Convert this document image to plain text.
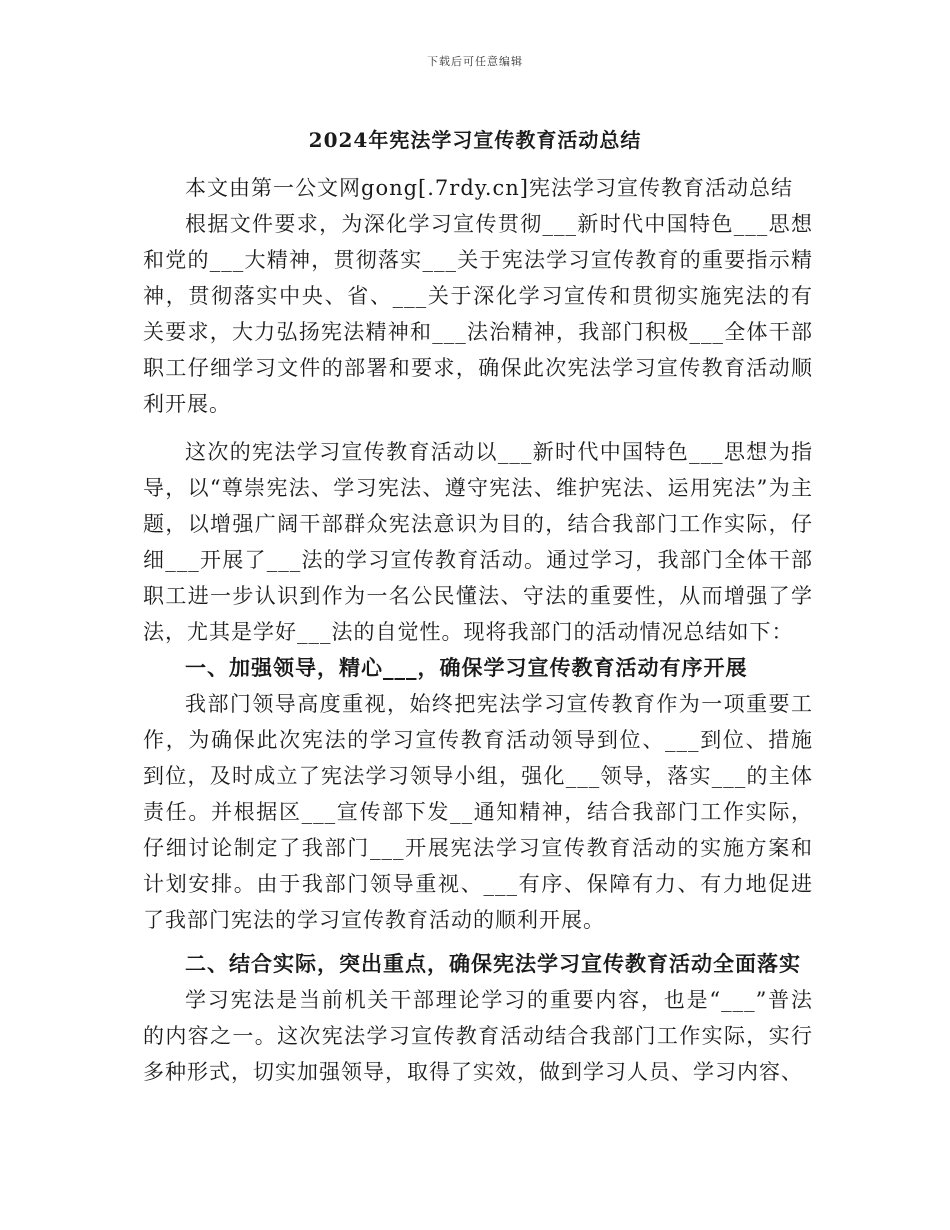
下载后可任意编辑
2024年宪法学习宣传教育活动总结

本文由第一公文网gong[.7rdy.cn]宪法学习宣传教育活动总结

根据文件要求，为深化学习宣传贯彻___新时代中国特色___思想和党的___大精神，贯彻落实___关于宪法学习宣传教育的重要指示精神，贯彻落实中央、省、___关于深化学习宣传和贯彻实施宪法的有关要求，大力弘扬宪法精神和___法治精神，我部门积极___全体干部职工仔细学习文件的部署和要求，确保此次宪法学习宣传教育活动顺利开展。

这次的宪法学习宣传教育活动以___新时代中国特色___思想为指导，以“尊崇宪法、学习宪法、遵守宪法、维护宪法、运用宪法”为主题，以增强广阔干部群众宪法意识为目的，结合我部门工作实际，仔细___开展了___法的学习宣传教育活动。通过学习，我部门全体干部职工进一步认识到作为一名公民懂法、守法的重要性，从而增强了学法，尤其是学好___法的自觉性。现将我部门的活动情况总结如下：

一、加强领导，精心___，确保学习宣传教育活动有序开展

我部门领导高度重视，始终把宪法学习宣传教育作为一项重要工作，为确保此次宪法的学习宣传教育活动领导到位、___到位、措施到位，及时成立了宪法学习领导小组，强化___领导，落实___的主体责任。并根据区___宣传部下发__通知精神，结合我部门工作实际，仔细讨论制定了我部门___开展宪法学习宣传教育活动的实施方案和计划安排。由于我部门领导重视、___有序、保障有力、有力地促进了我部门宪法的学习宣传教育活动的顺利开展。

二、结合实际，突出重点，确保宪法学习宣传教育活动全面落实

学习宪法是当前机关干部理论学习的重要内容，也是“___”普法的内容之一。这次宪法学习宣传教育活动结合我部门工作实际，实行多种形式，切实加强领导，取得了实效，做到学习人员、学习内容、
